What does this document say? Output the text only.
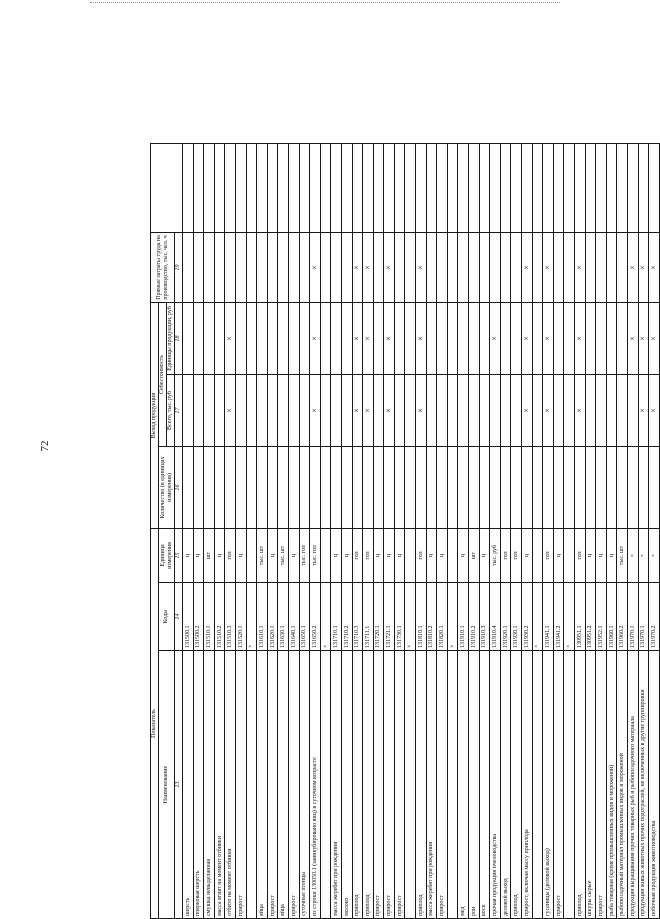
72
Показатель			Выход продукции			Прямые затраты труда на производство, тыс. чел. ч	
Наименование	Коды	Единица измерения	Количество (в единицах измерения)	Себестоимость			
				Всего, тыс. руб	Единицы продукции, руб		
13	14	15	16	17	18	19	
шерсть	131500.1	ц					
поярковая шерсть	131500.2	ц					
смушка невыделанная	131510.1	шт					
масса ягнят на момент отбивки	131510.2	ц					
отбито на момент отбивки	131510.3	гол		×	×		
прирост	131520.1	ц					
	×						
яйца	131610.1	тыс. шт					
прирост	131620.1	ц					
яйца	131630.1	тыс. шт					
прирост	131640.1	ц					
суточные птенцы	131650.1	тыс. гол					
из строки 130050.1 (заинкубировано яиц) в суточном возрасте	131650.2	тыс. гол		×	×	×	
	×						
масса жеребят при рождении	131710.1	ц					
молоко	131710.2	ц					
приплод	131710.3	гол		×	×	×	
приплод	131711.1	гол		×	×	×	
прирост	131720.1	ц					
прирост	131721.1	ц		×	×	×	
прирост	131730.1	ц					
	×						
приплод	131810.1	гол		×	×	×	
масса жеребят при рождении	131810.2	ц					
прирост	131820.1	ц					
	×						
мед	131910.1	ц					
рои	131910.2	шт					
воск	131910.3	ц					
прочая продукция пчеловодства	131910.4	тыс. руб			×		
деловой выход	131920.1	гол					
приплод	131930.1	гол					
прирост, включая массу приплода	131930.2	ц		×	×	×	
	×						
гусеницы (деловой выход)	131941.1	гол		×	×	×	
прирост	131941.2	ц					
	×						
приплод	130951.1	гол		×	×	×	
шкуры сырые	130951.2	ц					
прирост	131952.1	ц					
рыба товарная (кроме промышленных видов и мороженой)	131960.1	ц					
рыбопосадочный материал промышленных видов и мороженой	131960.2	тыс. шт					
продукция выращивания прочих товарных рыб и рыбопосадочного материала	131970.1	×			×	×	
продукция живых животных прочих подотраслей, не включенных в другие группировки	131970.1	×		×	×	×	
побочная продукция животноводства	131970.2	×		×	×	×	
